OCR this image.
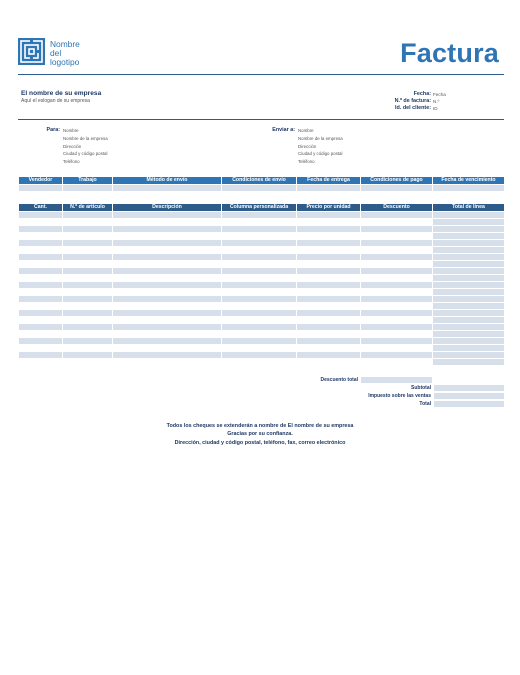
Nombre
del
logotipo	Factura
El nombre de su empresa
Aquí el eslogan de su empresa
Fecha: Fecha
N.º de factura: N.º
Id. del cliente: ID
Para: Nombre
Nombre de la empresa
Dirección
Ciudad y código postal
Teléfono
Enviar a: Nombre
Nombre de la empresa
Dirección
Ciudad y código postal
Teléfono
Vendedor	Trabajo	Método de envío	Condiciones de envío	Fecha de entrega	Condiciones de pago	Fecha de vencimiento

Cant.	N.º de artículo	Descripción	Columna personalizada	Precio por unidad	Descuento	Total de línea

Descuento total
Subtotal
Impuesto sobre las ventas
Total
Todos los cheques se extenderán a nombre de El nombre de su empresa
Gracias por su confianza.
Dirección, ciudad y código postal, teléfono, fax, correo electrónico
